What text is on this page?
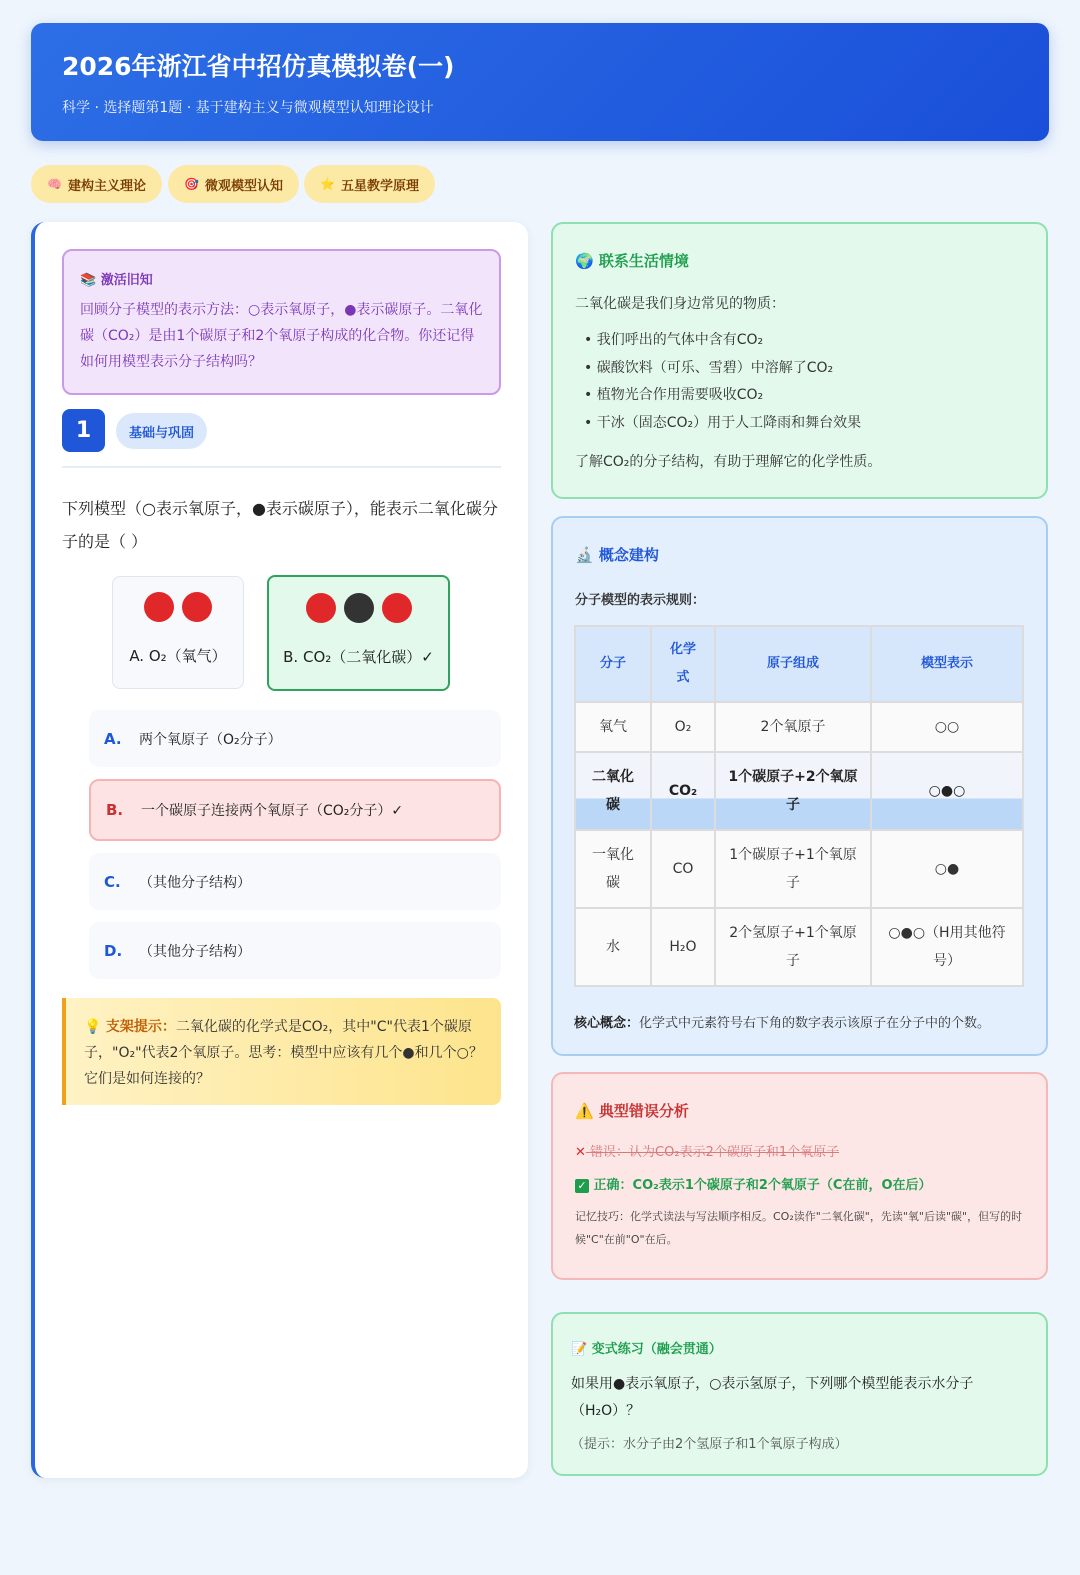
2026年浙江省中招仿真模拟卷(一)
科学 · 选择题第1题 · 基于建构主义与微观模型认知理论设计
🧠 建构主义理论	🎯 微观模型认知	⭐ 五星教学原理
📚 激活旧知

回顾分子模型的表示方法：○表示氧原子，●表示碳原子。二氧化碳（CO₂）是由1个碳原子和2个氧原子构成的化合物。你还记得如何用模型表示分子结构吗？

1	基础与巩固
下列模型（○表示氧原子，●表示碳原子），能表示二氧化碳分子的是（ ）
A. O₂（氧气）	B. CO₂（二氧化碳）✓
A.	两个氧原子（O₂分子）
B.	一个碳原子连接两个氧原子（CO₂分子）✓
C.	（其他分子结构）
D.	（其他分子结构）
💡 支架提示：二氧化碳的化学式是CO₂，其中"C"代表1个碳原子，"O₂"代表2个氧原子。思考：模型中应该有几个●和几个○？它们是如何连接的？
🌍 联系生活情境
二氧化碳是我们身边常见的物质：
• 我们呼出的气体中含有CO₂
• 碳酸饮料（可乐、雪碧）中溶解了CO₂
• 植物光合作用需要吸收CO₂
• 干冰（固态CO₂）用于人工降雨和舞台效果
了解CO₂的分子结构，有助于理解它的化学性质。
🔬 概念建构
分子模型的表示规则：
分子	化学式	原子组成	模型表示
氧气	O₂	2个氧原子	○○
二氧化碳	CO₂	1个碳原子+2个氧原子	○●○
一氧化碳	CO	1个碳原子+1个氧原子	○●
水	H₂O	2个氢原子+1个氧原子	○●○（H用其他符号）
核心概念：化学式中元素符号右下角的数字表示该原子在分子中的个数。
⚠️ 典型错误分析
✕ 错误：认为CO₂表示2个碳原子和1个氧原子
✓ 正确：CO₂表示1个碳原子和2个氧原子（C在前，O在后）
记忆技巧：化学式读法与写法顺序相反。CO₂读作"二氧化碳"，先读"氧"后读"碳"，但写的时候"C"在前"O"在后。
📝 变式练习（融会贯通）
如果用●表示氧原子，○表示氢原子，下列哪个模型能表示水分子（H₂O）？
（提示：水分子由2个氢原子和1个氧原子构成）
